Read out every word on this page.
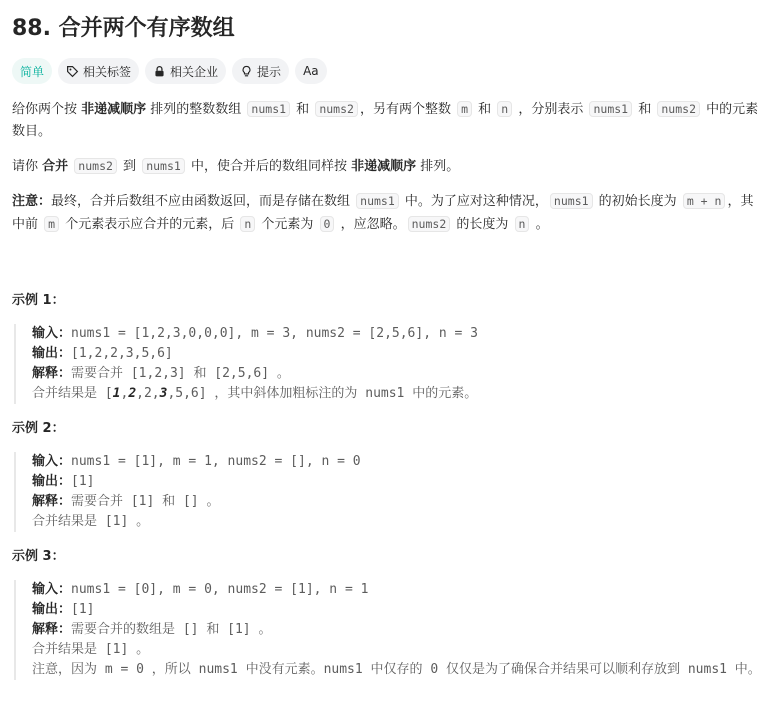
88. 合并两个有序数组
简单	相关标签	相关企业	提示 Aa

给你两个按 非递减顺序 排列的整数数组 nums1 和 nums2 ，另有两个整数 m 和 n ，分别表示 nums1 和 nums2 中的元素数目。

请你 合并 nums2 到 nums1 中，使合并后的数组同样按 非递减顺序 排列。

注意：最终，合并后数组不应由函数返回，而是存储在数组 nums1 中。为了应对这种情况， nums1 的初始长度为 m + n ，其中前 m 个元素表示应合并的元素，后 n 个元素为 0 ，应忽略。 nums2 的长度为 n 。

示例 1：

输入：nums1 = [1,2,3,0,0,0], m = 3, nums2 = [2,5,6], n = 3
输出：[1,2,2,3,5,6]
解释：需要合并 [1,2,3] 和 [2,5,6] 。
合并结果是 [1,2,2,3,5,6] ，其中斜体加粗标注的为 nums1 中的元素。

示例 2：

输入：nums1 = [1], m = 1, nums2 = [], n = 0
输出：[1]
解释：需要合并 [1] 和 [] 。
合并结果是 [1] 。

示例 3：

输入：nums1 = [0], m = 0, nums2 = [1], n = 1
输出：[1]
解释：需要合并的数组是 [] 和 [1] 。
合并结果是 [1] 。
注意，因为 m = 0 ，所以 nums1 中没有元素。nums1 中仅存的 0 仅仅是为了确保合并结果可以顺利存放到 nums1 中。
